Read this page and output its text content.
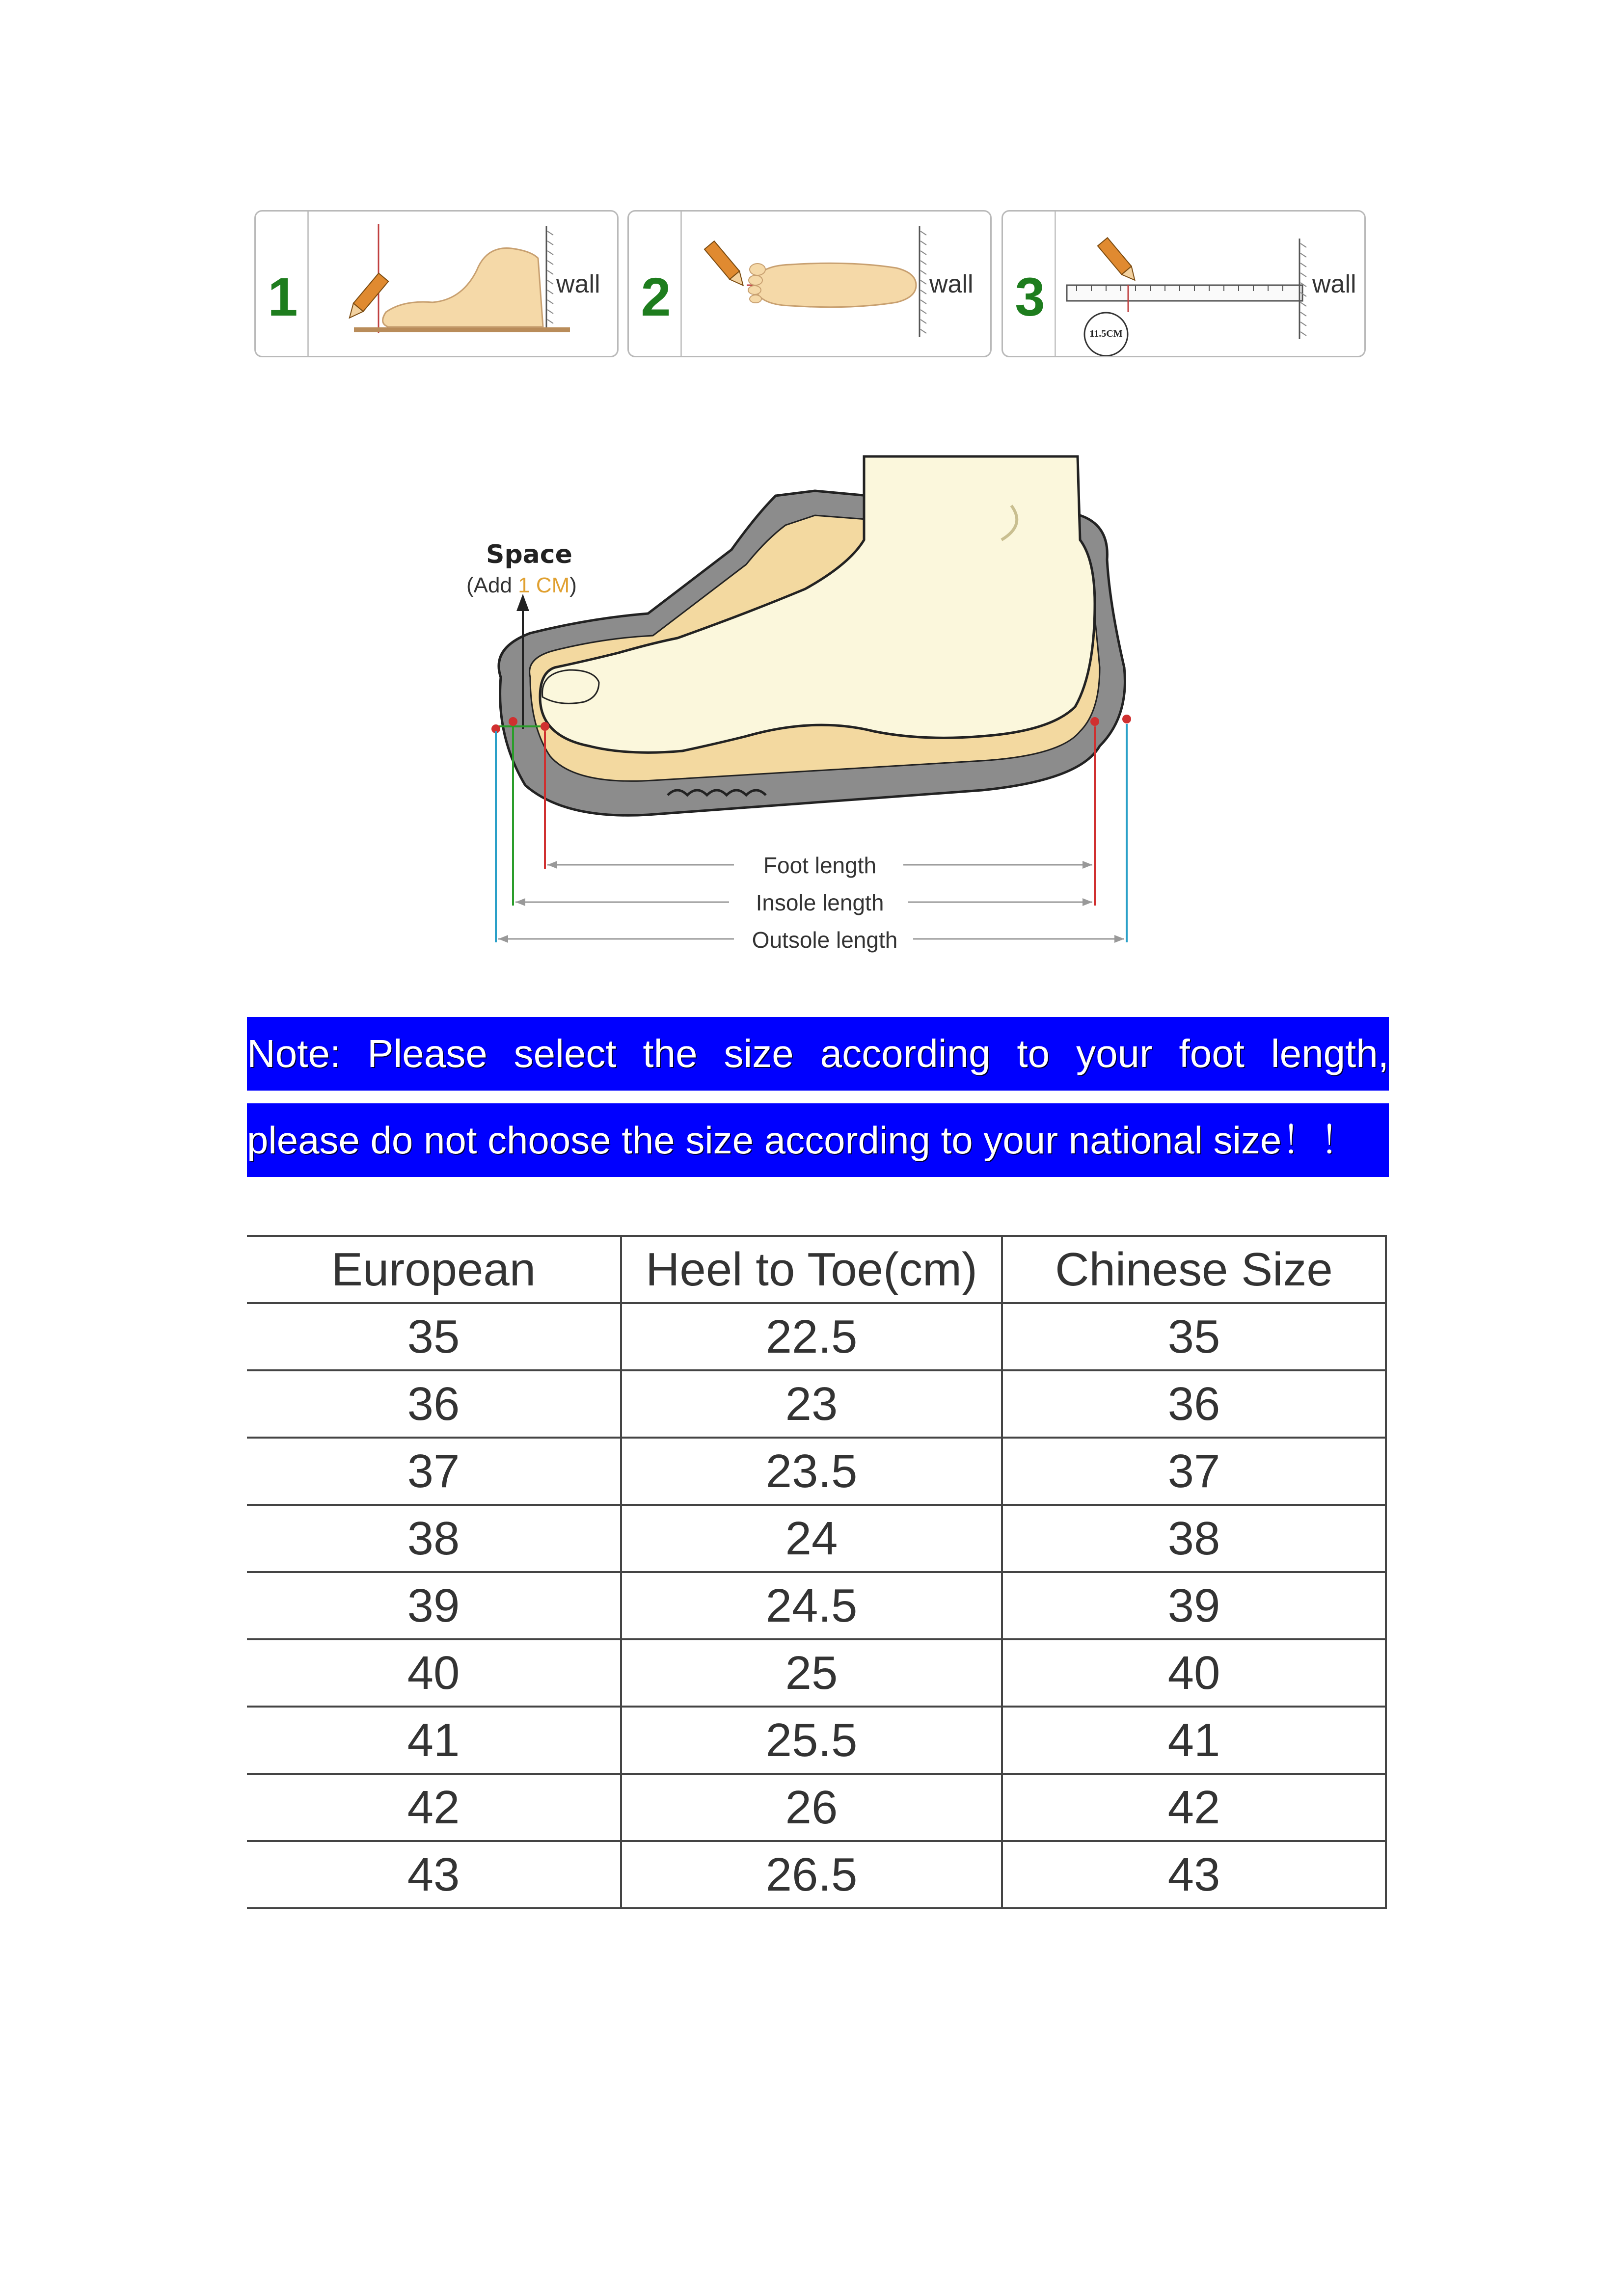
1	wall 2	wall 3
11.5CM
wall
Space
(Add 1 CM)
Foot length
Insole length
Outsole length
Note: Please select the size according to your foot length,
please do not choose the size according to your national size！！
European	Heel to Toe(cm)	Chinese Size
35	22.5	35
36	23	36
37	23.5	37
38	24	38
39	24.5	39
40	25	40
41	25.5	41
42	26	42
43	26.5	43
